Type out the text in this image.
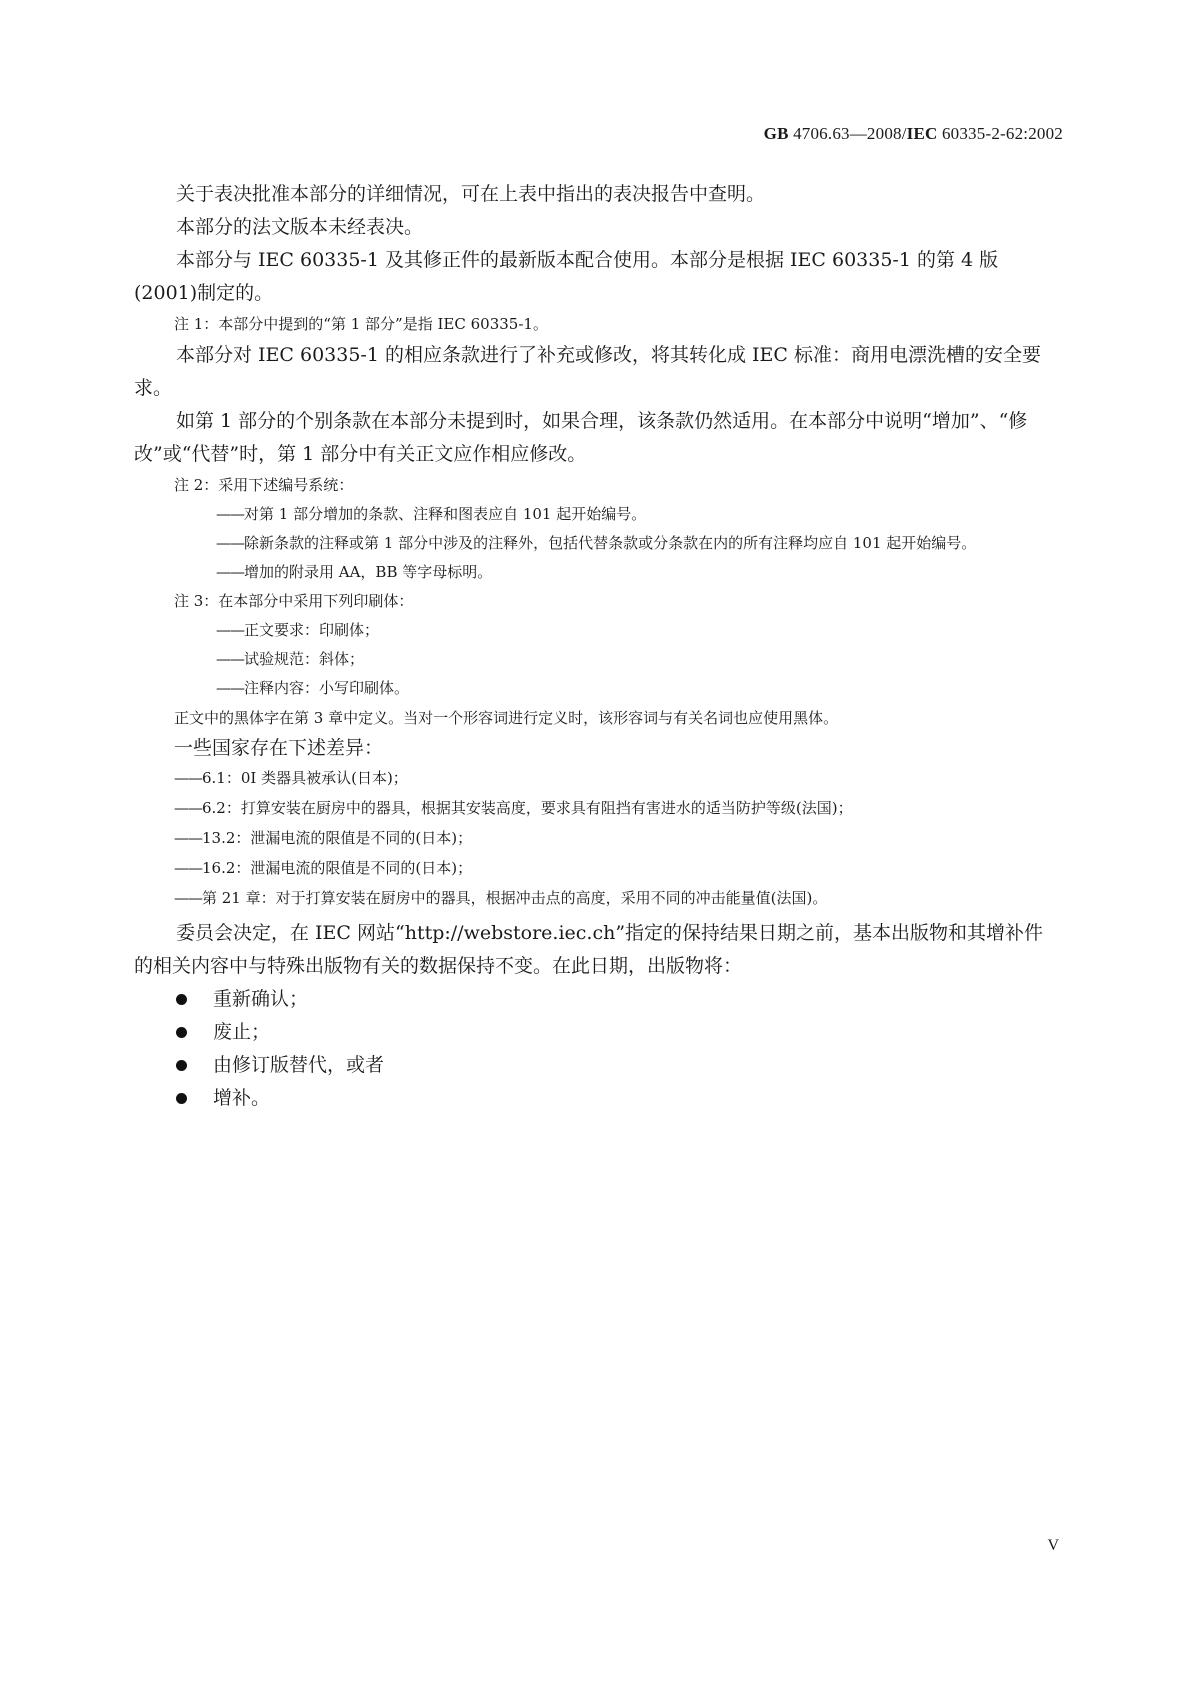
GB 4706.63—2008/IEC 60335-2-62:2002

关于表决批准本部分的详细情况，可在上表中指出的表决报告中查明。

本部分的法文版本未经表决。

本部分与 IEC 60335-1 及其修正件的最新版本配合使用。本部分是根据 IEC 60335-1 的第 4 版(2001)制定的。

注 1：本部分中提到的“第 1 部分”是指 IEC 60335-1。

本部分对 IEC 60335-1 的相应条款进行了补充或修改，将其转化成 IEC 标准：商用电漂洗槽的安全要求。

如第 1 部分的个别条款在本部分未提到时，如果合理，该条款仍然适用。在本部分中说明“增加”、“修改”或“代替”时，第 1 部分中有关正文应作相应修改。

注 2：采用下述编号系统：

——对第 1 部分增加的条款、注释和图表应自 101 起开始编号。

——除新条款的注释或第 1 部分中涉及的注释外，包括代替条款或分条款在内的所有注释均应自 101 起开始编号。

——增加的附录用 AA，BB 等字母标明。

注 3：在本部分中采用下列印刷体：

——正文要求：印刷体；

——试验规范：斜体；

——注释内容：小写印刷体。

正文中的黑体字在第 3 章中定义。当对一个形容词进行定义时，该形容词与有关名词也应使用黑体。

一些国家存在下述差异：

——6.1：0I 类器具被承认(日本)；

——6.2：打算安装在厨房中的器具，根据其安装高度，要求具有阻挡有害进水的适当防护等级(法国)；

——13.2：泄漏电流的限值是不同的(日本)；

——16.2：泄漏电流的限值是不同的(日本)；

——第 21 章：对于打算安装在厨房中的器具，根据冲击点的高度，采用不同的冲击能量值(法国)。

委员会决定，在 IEC 网站“http://webstore.iec.ch”指定的保持结果日期之前，基本出版物和其增补件的相关内容中与特殊出版物有关的数据保持不变。在此日期，出版物将：

重新确认；
废止；
由修订版替代，或者
增补。
V
